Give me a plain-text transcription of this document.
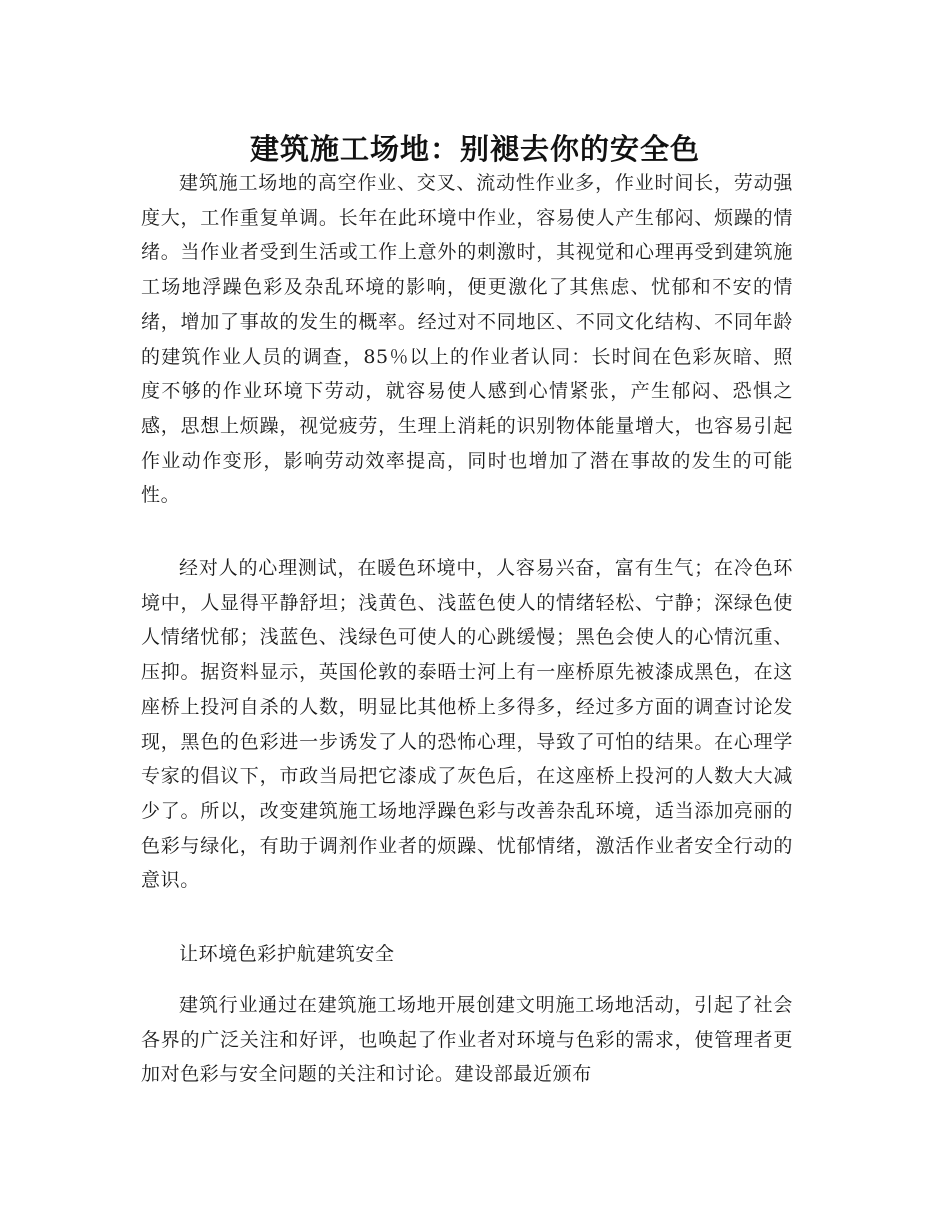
建筑施工场地：别褪去你的安全色

建筑施工场地的高空作业、交叉、流动性作业多，作业时间长，劳动强度大，工作重复单调。长年在此环境中作业，容易使人产生郁闷、烦躁的情绪。当作业者受到生活或工作上意外的刺激时，其视觉和心理再受到建筑施工场地浮躁色彩及杂乱环境的影响，便更激化了其焦虑、忧郁和不安的情绪，增加了事故的发生的概率。经过对不同地区、不同文化结构、不同年龄的建筑作业人员的调查，85％以上的作业者认同：长时间在色彩灰暗、照度不够的作业环境下劳动，就容易使人感到心情紧张，产生郁闷、恐惧之感，思想上烦躁，视觉疲劳，生理上消耗的识别物体能量增大，也容易引起作业动作变形，影响劳动效率提高，同时也增加了潜在事故的发生的可能性。

经对人的心理测试，在暖色环境中，人容易兴奋，富有生气；在冷色环境中，人显得平静舒坦；浅黄色、浅蓝色使人的情绪轻松、宁静；深绿色使人情绪忧郁；浅蓝色、浅绿色可使人的心跳缓慢；黑色会使人的心情沉重、压抑。据资料显示，英国伦敦的泰晤士河上有一座桥原先被漆成黑色，在这座桥上投河自杀的人数，明显比其他桥上多得多，经过多方面的调查讨论发现，黑色的色彩进一步诱发了人的恐怖心理，导致了可怕的结果。在心理学专家的倡议下，市政当局把它漆成了灰色后，在这座桥上投河的人数大大减少了。所以，改变建筑施工场地浮躁色彩与改善杂乱环境，适当添加亮丽的色彩与绿化，有助于调剂作业者的烦躁、忧郁情绪，激活作业者安全行动的意识。

让环境色彩护航建筑安全

建筑行业通过在建筑施工场地开展创建文明施工场地活动，引起了社会各界的广泛关注和好评，也唤起了作业者对环境与色彩的需求，使管理者更加对色彩与安全问题的关注和讨论。建设部最近颁布
